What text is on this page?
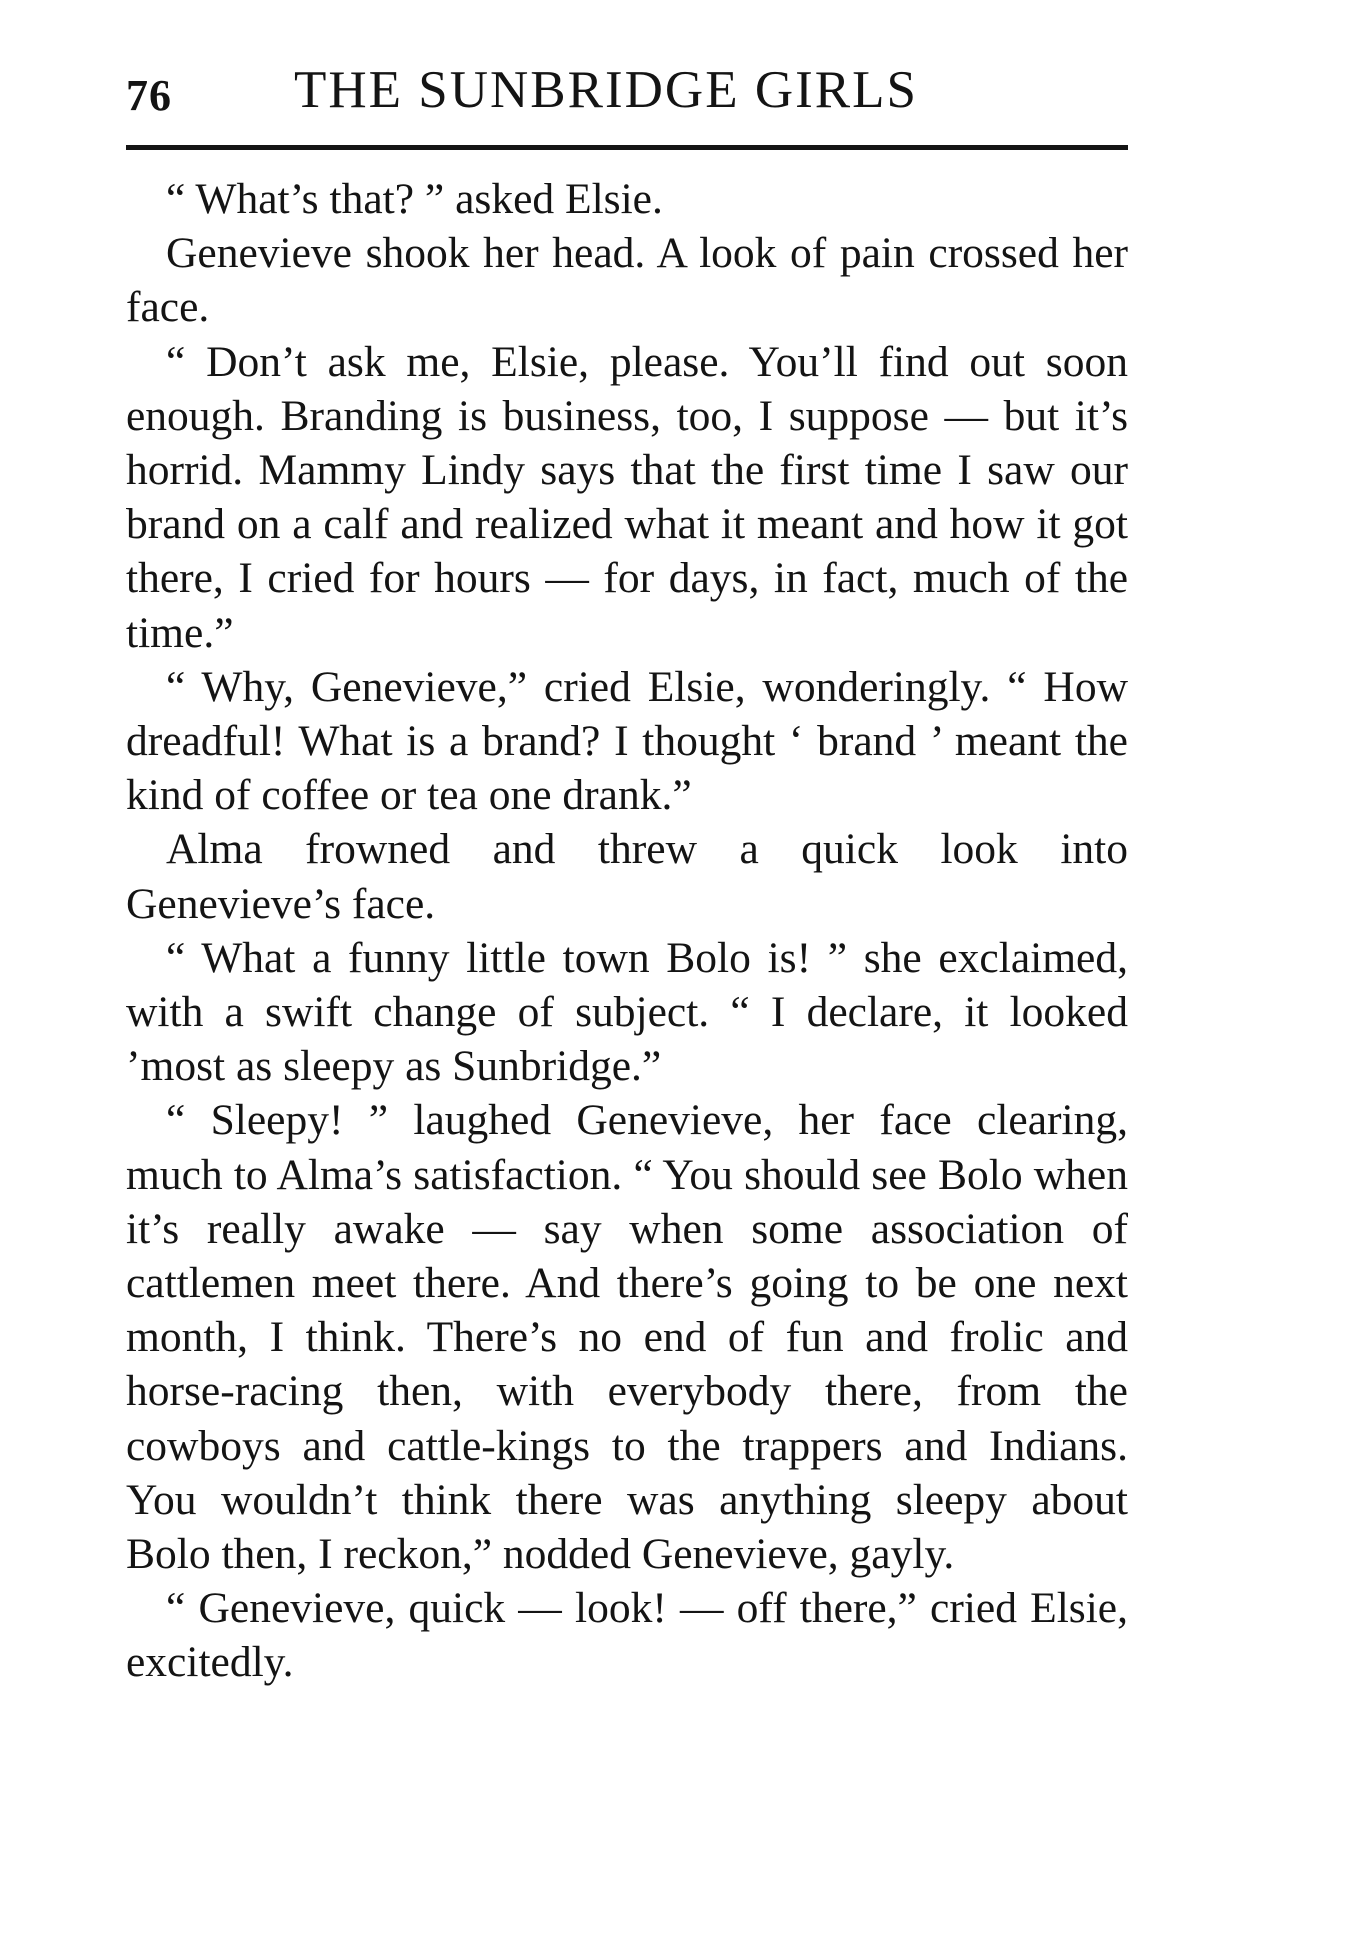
76 THE SUNBRIDGE GIRLS

“ What’s that? ” asked Elsie.

Genevieve shook her head. A look of pain crossed her face.

“ Don’t ask me, Elsie, please. You’ll find out soon enough. Branding is business, too, I suppose — but it’s horrid. Mammy Lindy says that the first time I saw our brand on a calf and realized what it meant and how it got there, I cried for hours — for days, in fact, much of the time.”

“ Why, Genevieve,” cried Elsie, wonderingly. “ How dreadful! What is a brand? I thought ‘ brand ’ meant the kind of coffee or tea one drank.”

Alma frowned and threw a quick look into Genevieve’s face.

“ What a funny little town Bolo is! ” she exclaimed, with a swift change of subject. “ I declare, it looked ’most as sleepy as Sunbridge.”

“ Sleepy! ” laughed Genevieve, her face clearing, much to Alma’s satisfaction. “ You should see Bolo when it’s really awake — say when some association of cattlemen meet there. And there’s going to be one next month, I think. There’s no end of fun and frolic and horse-racing then, with everybody there, from the cowboys and cattle-kings to the trappers and Indians. You wouldn’t think there was anything sleepy about Bolo then, I reckon,” nodded Genevieve, gayly.

“ Genevieve, quick — look! — off there,” cried Elsie, excitedly.
